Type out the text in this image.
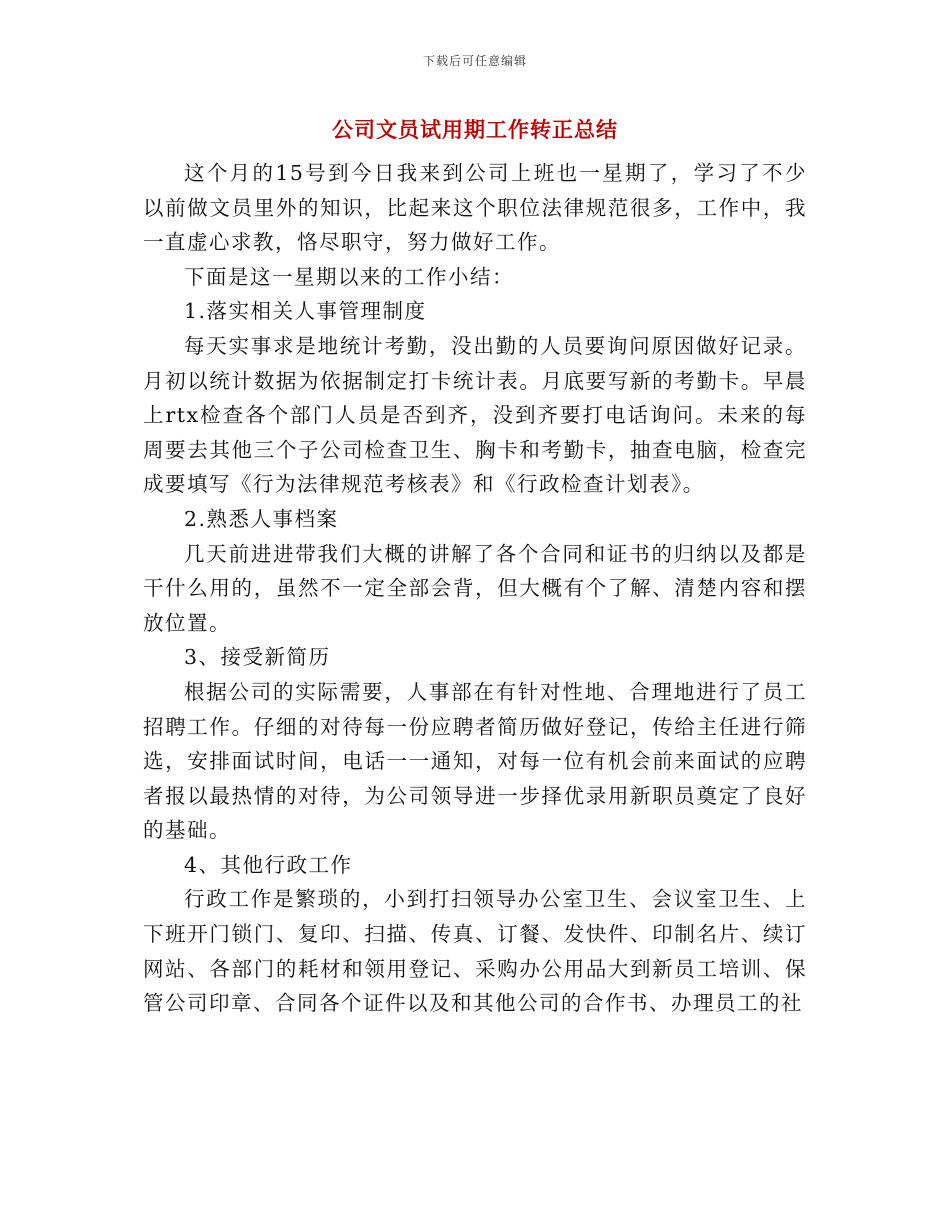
下载后可任意编辑
公司文员试用期工作转正总结

这个月的15号到今日我来到公司上班也一星期了，学习了不少以前做文员里外的知识，比起来这个职位法律规范很多，工作中，我一直虚心求教，恪尽职守，努力做好工作。

下面是这一星期以来的工作小结：

1.落实相关人事管理制度

每天实事求是地统计考勤，没出勤的人员要询问原因做好记录。月初以统计数据为依据制定打卡统计表。月底要写新的考勤卡。早晨上rtx检查各个部门人员是否到齐，没到齐要打电话询问。未来的每周要去其他三个子公司检查卫生、胸卡和考勤卡，抽查电脑，检查完成要填写《行为法律规范考核表》和《行政检查计划表》。

2.熟悉人事档案

几天前进进带我们大概的讲解了各个合同和证书的归纳以及都是干什么用的，虽然不一定全部会背，但大概有个了解、清楚内容和摆放位置。

3、接受新简历

根据公司的实际需要，人事部在有针对性地、合理地进行了员工招聘工作。仔细的对待每一份应聘者简历做好登记，传给主任进行筛选，安排面试时间，电话一一通知，对每一位有机会前来面试的应聘者报以最热情的对待，为公司领导进一步择优录用新职员奠定了良好的基础。

4、其他行政工作

行政工作是繁琐的，小到打扫领导办公室卫生、会议室卫生、上下班开门锁门、复印、扫描、传真、订餐、发快件、印制名片、续订网站、各部门的耗材和领用登记、采购办公用品大到新员工培训、保管公司印章、合同各个证件以及和其他公司的合作书、办理员工的社
